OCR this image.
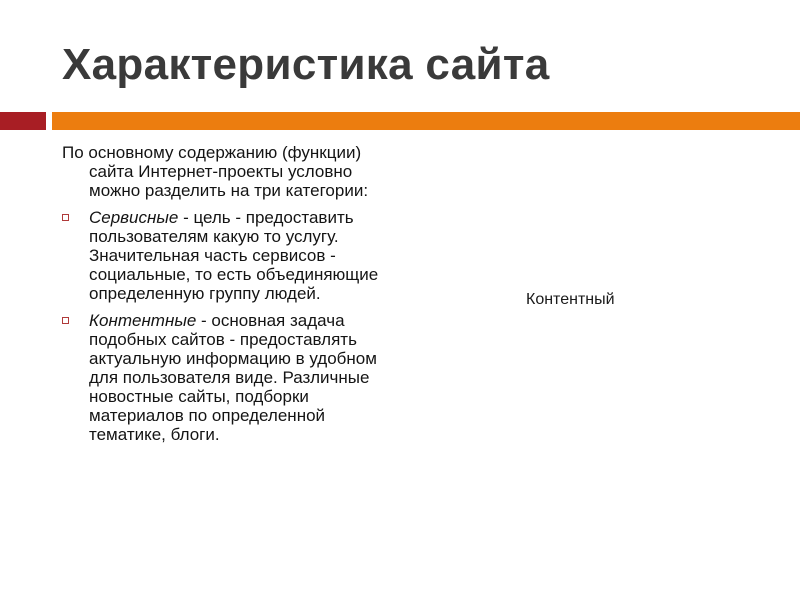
Характеристика сайта

По основному содержанию (функции) сайта Интернет-проекты условно можно разделить на три категории:

Сервисные - цель - предоставить пользователям какую то услугу. Значительная часть сервисов - социальные, то есть объединяющие определенную группу людей.
Контентные - основная задача подобных сайтов - предоставлять актуальную информацию в удобном для пользователя виде. Различные новостные сайты, подборки материалов по определенной тематике, блоги.
Контентный
